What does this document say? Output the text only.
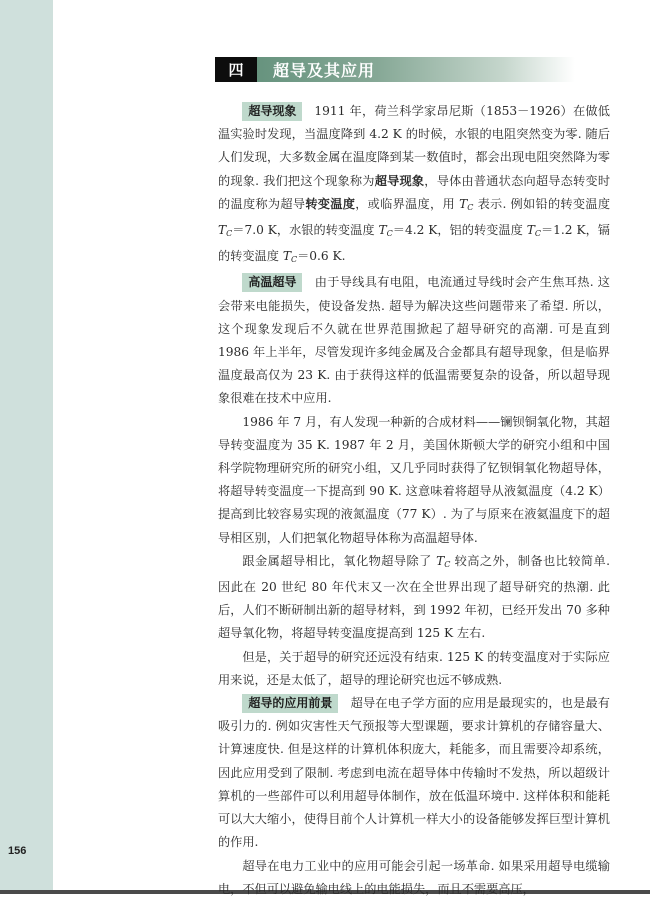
156
四	超导及其应用

超导现象 1911 年，荷兰科学家昂尼斯（1853－1926）在做低温实验时发现，当温度降到 4.2 K 的时候，水银的电阻突然变为零. 随后人们发现，大多数金属在温度降到某一数值时，都会出现电阻突然降为零的现象. 我们把这个现象称为超导现象，导体由普通状态向超导态转变时的温度称为超导转变温度，或临界温度，用 $T_C$ 表示. 例如铅的转变温度 $T_C=7.0$ K，水银的转变温度 $T_C=4.2$ K，铝的转变温度 $T_C=1.2$ K，镉的转变温度 $T_C=0.6$ K.

高温超导 由于导线具有电阻，电流通过导线时会产生焦耳热. 这会带来电能损失，使设备发热. 超导为解决这些问题带来了希望. 所以，这个现象发现后不久就在世界范围掀起了超导研究的高潮. 可是直到 1986 年上半年，尽管发现许多纯金属及合金都具有超导现象，但是临界温度最高仅为 23 K. 由于获得这样的低温需要复杂的设备，所以超导现象很难在技术中应用.

1986 年 7 月，有人发现一种新的合成材料——镧钡铜氧化物，其超导转变温度为 35 K. 1987 年 2 月，美国休斯顿大学的研究小组和中国科学院物理研究所的研究小组，又几乎同时获得了钇钡铜氧化物超导体，将超导转变温度一下提高到 90 K. 这意味着将超导从液氦温度（4.2 K）提高到比较容易实现的液氮温度（77 K）. 为了与原来在液氦温度下的超导相区别，人们把氧化物超导体称为高温超导体.

跟金属超导相比，氧化物超导除了 $T_C$ 较高之外，制备也比较简单. 因此在 20 世纪 80 年代末又一次在全世界出现了超导研究的热潮. 此后，人们不断研制出新的超导材料，到 1992 年初，已经开发出 70 多种超导氧化物，将超导转变温度提高到 125 K 左右.

但是，关于超导的研究还远没有结束. 125 K 的转变温度对于实际应用来说，还是太低了，超导的理论研究也远不够成熟.

超导的应用前景 超导在电子学方面的应用是最现实的，也是最有吸引力的. 例如灾害性天气预报等大型课题，要求计算机的存储容量大、计算速度快. 但是这样的计算机体积庞大，耗能多，而且需要冷却系统，因此应用受到了限制. 考虑到电流在超导体中传输时不发热，所以超级计算机的一些部件可以利用超导体制作，放在低温环境中. 这样体积和能耗可以大大缩小，使得目前个人计算机一样大小的设备能够发挥巨型计算机的作用.

超导在电力工业中的应用可能会引起一场革命. 如果采用超导电缆输电，不但可以避免输电线上的电能损失，而且不需要高压，
